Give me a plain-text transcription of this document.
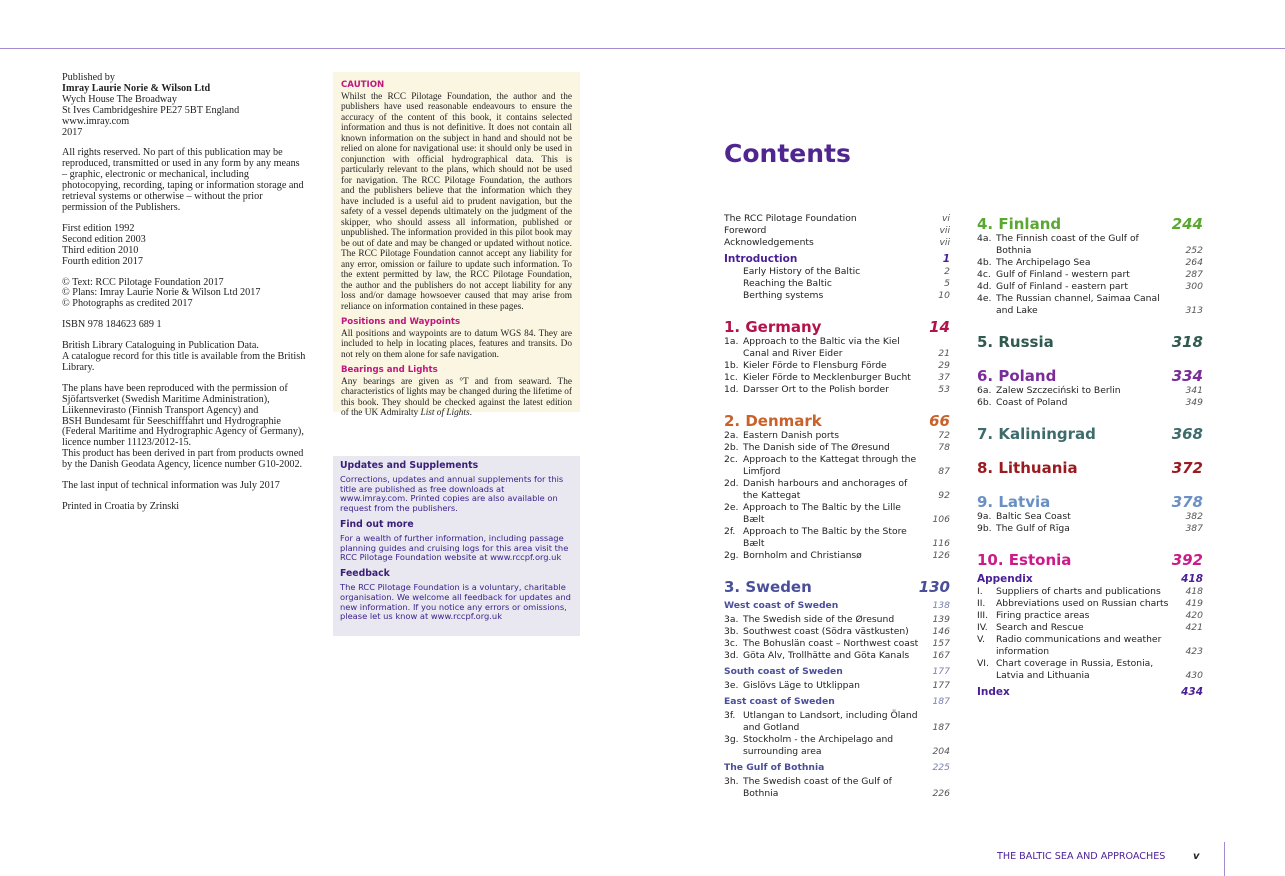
Published by
Imray Laurie Norie & Wilson Ltd
Wych House The Broadway
St Ives Cambridgeshire PE27 5BT England
www.imray.com
2017

All rights reserved. No part of this publication may be reproduced, transmitted or used in any form by any means – graphic, electronic or mechanical, including photocopying, recording, taping or information storage and retrieval systems or otherwise – without the prior permission of the Publishers.

First edition 1992
Second edition 2003
Third edition 2010
Fourth edition 2017

© Text: RCC Pilotage Foundation 2017
© Plans: Imray Laurie Norie & Wilson Ltd 2017
© Photographs as credited 2017

ISBN 978 184623 689 1

British Library Cataloguing in Publication Data.
A catalogue record for this title is available from the British Library.

The plans have been reproduced with the permission of Sjöfartsverket (Swedish Maritime Administration), Liikennevirasto (Finnish Transport Agency) and
BSH Bundesamt für Seeschifffahrt und Hydrographie (Federal Maritime and Hydrographic Agency of Germany), licence number 11123/2012-15.
This product has been derived in part from products owned by the Danish Geodata Agency, licence number G10-2002.

The last input of technical information was July 2017

Printed in Croatia by Zrinski

CAUTION

Whilst the RCC Pilotage Foundation, the author and the publishers have used reasonable endeavours to ensure the accuracy of the content of this book, it contains selected information and thus is not definitive. It does not contain all known information on the subject in hand and should not be relied on alone for navigational use: it should only be used in conjunction with official hydrographical data. This is particularly relevant to the plans, which should not be used for navigation. The RCC Pilotage Foundation, the authors and the publishers believe that the information which they have included is a useful aid to prudent navigation, but the safety of a vessel depends ultimately on the judgment of the skipper, who should assess all information, published or unpublished. The information provided in this pilot book may be out of date and may be changed or updated without notice. The RCC Pilotage Foundation cannot accept any liability for any error, omission or failure to update such information. To the extent permitted by law, the RCC Pilotage Foundation, the author and the publishers do not accept liability for any loss and/or damage howsoever caused that may arise from reliance on information contained in these pages.

Positions and Waypoints

All positions and waypoints are to datum WGS 84. They are included to help in locating places, features and transits. Do not rely on them alone for safe navigation.

Bearings and Lights

Any bearings are given as °T and from seaward. The characteristics of lights may be changed during the lifetime of this book. They should be checked against the latest edition of the UK Admiralty List of Lights.

Updates and Supplements

Corrections, updates and annual supplements for this title are published as free downloads at www.imray.com. Printed copies are also available on request from the publishers.

Find out more

For a wealth of further information, including passage planning guides and cruising logs for this area visit the RCC Pilotage Foundation website at www.rccpf.org.uk

Feedback

The RCC Pilotage Foundation is a voluntary, charitable organisation. We welcome all feedback for updates and new information. If you notice any errors or omissions, please let us know at www.rccpf.org.uk

Contents
The RCC Pilotage Foundation	vi
Foreword	vii
Acknowledgements	vii
Introduction	1
Early History of the Baltic	2
Reaching the Baltic	5
Berthing systems	10
1. Germany	14
1a. Approach to the Baltic via the Kiel Canal and River Eider	21
1b. Kieler Förde to Flensburg Förde	29
1c. Kieler Förde to Mecklenburger Bucht	37
1d. Darsser Ort to the Polish border	53
2. Denmark	66
2a. Eastern Danish ports	72
2b. The Danish side of The Øresund	78
2c. Approach to the Kattegat through the Limfjord	87
2d. Danish harbours and anchorages of the Kattegat	92
2e. Approach to The Baltic by the Lille Bælt	106
2f. Approach to The Baltic by the Store Bælt	116
2g. Bornholm and Christiansø	126
3. Sweden	130
West coast of Sweden	138
3a. The Swedish side of the Øresund	139
3b. Southwest coast (Södra västkusten)	146
3c. The Bohuslän coast – Northwest coast	157
3d. Göta Alv, Trollhätte and Göta Kanals	167
South coast of Sweden	177
3e. Gislövs Läge to Utklippan	177
East coast of Sweden	187
3f. Utlangan to Landsort, including Öland and Gotland	187
3g. Stockholm - the Archipelago and surrounding area	204
The Gulf of Bothnia	225
3h. The Swedish coast of the Gulf of Bothnia	226
4. Finland	244
4a. The Finnish coast of the Gulf of Bothnia	252
4b. The Archipelago Sea	264
4c. Gulf of Finland - western part	287
4d. Gulf of Finland - eastern part	300
4e. The Russian channel, Saimaa Canal and Lake	313
5. Russia	318
6. Poland	334
6a. Zalew Szczeciński to Berlin	341
6b. Coast of Poland	349
7. Kaliningrad	368
8. Lithuania	372
9. Latvia	378
9a. Baltic Sea Coast	382
9b. The Gulf of Rīga	387
10. Estonia	392
Appendix	418
I.	Suppliers of charts and publications	418
II.	Abbreviations used on Russian charts	419
III. Firing practice areas	420
IV. Search and Rescue	421
V.	Radio communications and weather information	423
VI. Chart coverage in Russia, Estonia, Latvia and Lithuania	430
Index	434
THE BALTIC SEA AND APPROACHES	v
